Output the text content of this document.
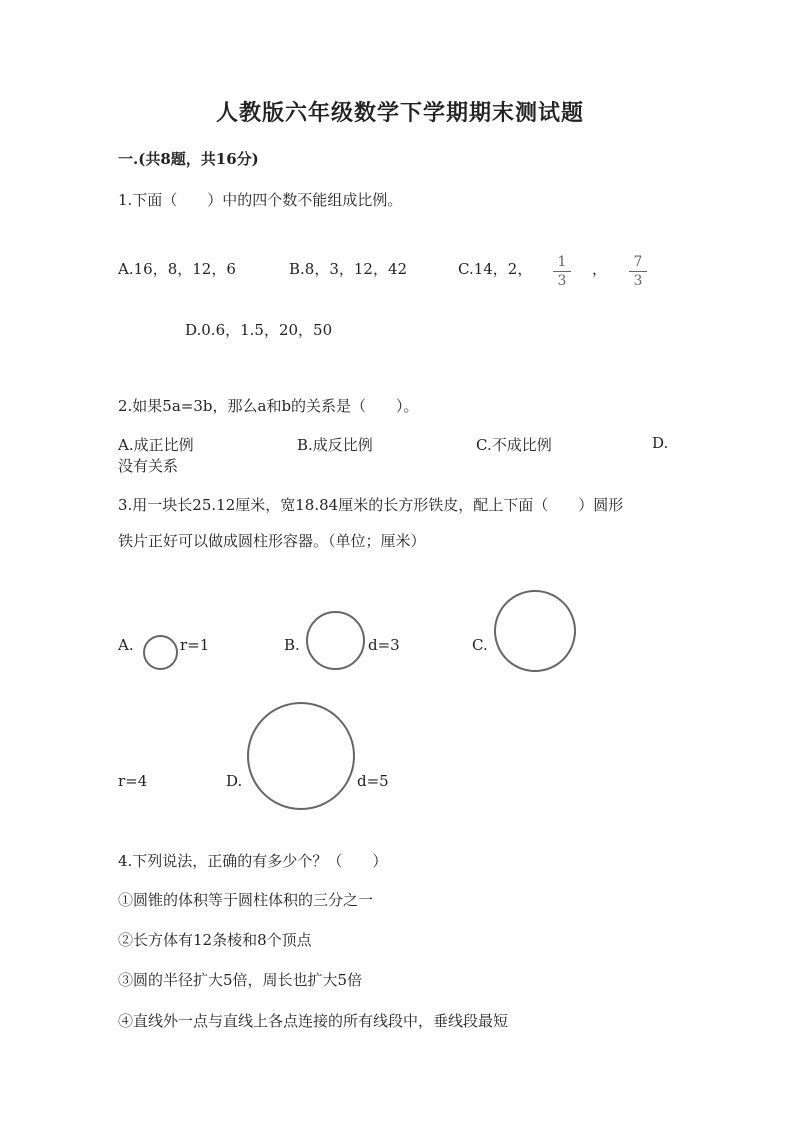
人教版六年级数学下学期期末测试题
一.(共8题，共16分)
1.下面（　　）中的四个数不能组成比例。
A.16，8，12，6	B.8，3，12，42	C.14，2，	1
3
，	7
3
D.0.6，1.5，20，50
2.如果5a=3b，那么a和b的关系是（　　）。
A.成正比例	B.成反比例	C.不成比例	D.
没有关系
3.用一块长25.12厘米，宽18.84厘米的长方形铁皮，配上下面（　　）圆形
铁片正好可以做成圆柱形容器。（单位；厘米）
A.	r=1	B.	d=3	C.
r=4	D.	d=5
4.下列说法，正确的有多少个？（　　）
①圆锥的体积等于圆柱体积的三分之一
②长方体有12条棱和8个顶点
③圆的半径扩大5倍，周长也扩大5倍
④直线外一点与直线上各点连接的所有线段中，垂线段最短
